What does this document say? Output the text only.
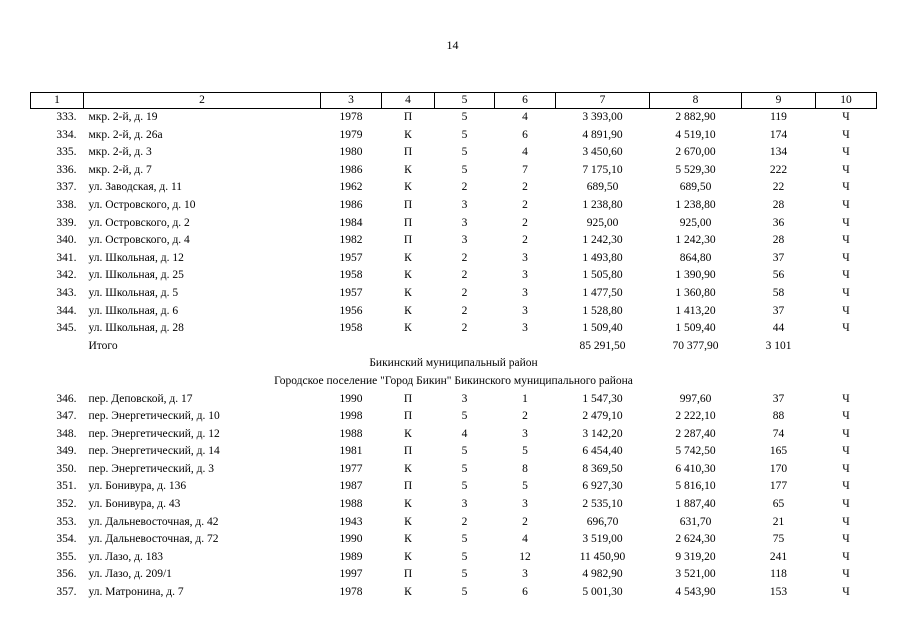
14
1	2	3	4	5	6	7	8	9	10
333.	мкр. 2-й, д. 19	1978	П	5	4	3 393,00	2 882,90	119	Ч
334.	мкр. 2-й, д. 26а	1979	К	5	6	4 891,90	4 519,10	174	Ч
335.	мкр. 2-й, д. 3	1980	П	5	4	3 450,60	2 670,00	134	Ч
336.	мкр. 2-й, д. 7	1986	К	5	7	7 175,10	5 529,30	222	Ч
337.	ул. Заводская, д. 11	1962	К	2	2	689,50	689,50	22	Ч
338.	ул. Островского, д. 10	1986	П	3	2	1 238,80	1 238,80	28	Ч
339.	ул. Островского, д. 2	1984	П	3	2	925,00	925,00	36	Ч
340.	ул. Островского, д. 4	1982	П	3	2	1 242,30	1 242,30	28	Ч
341.	ул. Школьная, д. 12	1957	К	2	3	1 493,80	864,80	37	Ч
342.	ул. Школьная, д. 25	1958	К	2	3	1 505,80	1 390,90	56	Ч
343.	ул. Школьная, д. 5	1957	К	2	3	1 477,50	1 360,80	58	Ч
344.	ул. Школьная, д. 6	1956	К	2	3	1 528,80	1 413,20	37	Ч
345.	ул. Школьная, д. 28	1958	К	2	3	1 509,40	1 509,40	44	Ч
	Итого					85 291,50	70 377,90	3 101	
Бикинский муниципальный район									
Городское поселение "Город Бикин" Бикинского муниципального района									
346.	пер. Деповской, д. 17	1990	П	3	1	1 547,30	997,60	37	Ч
347.	пер. Энергетический, д. 10	1998	П	5	2	2 479,10	2 222,10	88	Ч
348.	пер. Энергетический, д. 12	1988	К	4	3	3 142,20	2 287,40	74	Ч
349.	пер. Энергетический, д. 14	1981	П	5	5	6 454,40	5 742,50	165	Ч
350.	пер. Энергетический, д. 3	1977	К	5	8	8 369,50	6 410,30	170	Ч
351.	ул. Бонивура, д. 136	1987	П	5	5	6 927,30	5 816,10	177	Ч
352.	ул. Бонивура, д. 43	1988	К	3	3	2 535,10	1 887,40	65	Ч
353.	ул. Дальневосточная, д. 42	1943	К	2	2	696,70	631,70	21	Ч
354.	ул. Дальневосточная, д. 72	1990	К	5	4	3 519,00	2 624,30	75	Ч
355.	ул. Лазо, д. 183	1989	К	5	12	11 450,90	9 319,20	241	Ч
356.	ул. Лазо, д. 209/1	1997	П	5	3	4 982,90	3 521,00	118	Ч
357.	ул. Матронина, д. 7	1978	К	5	6	5 001,30	4 543,90	153	Ч
